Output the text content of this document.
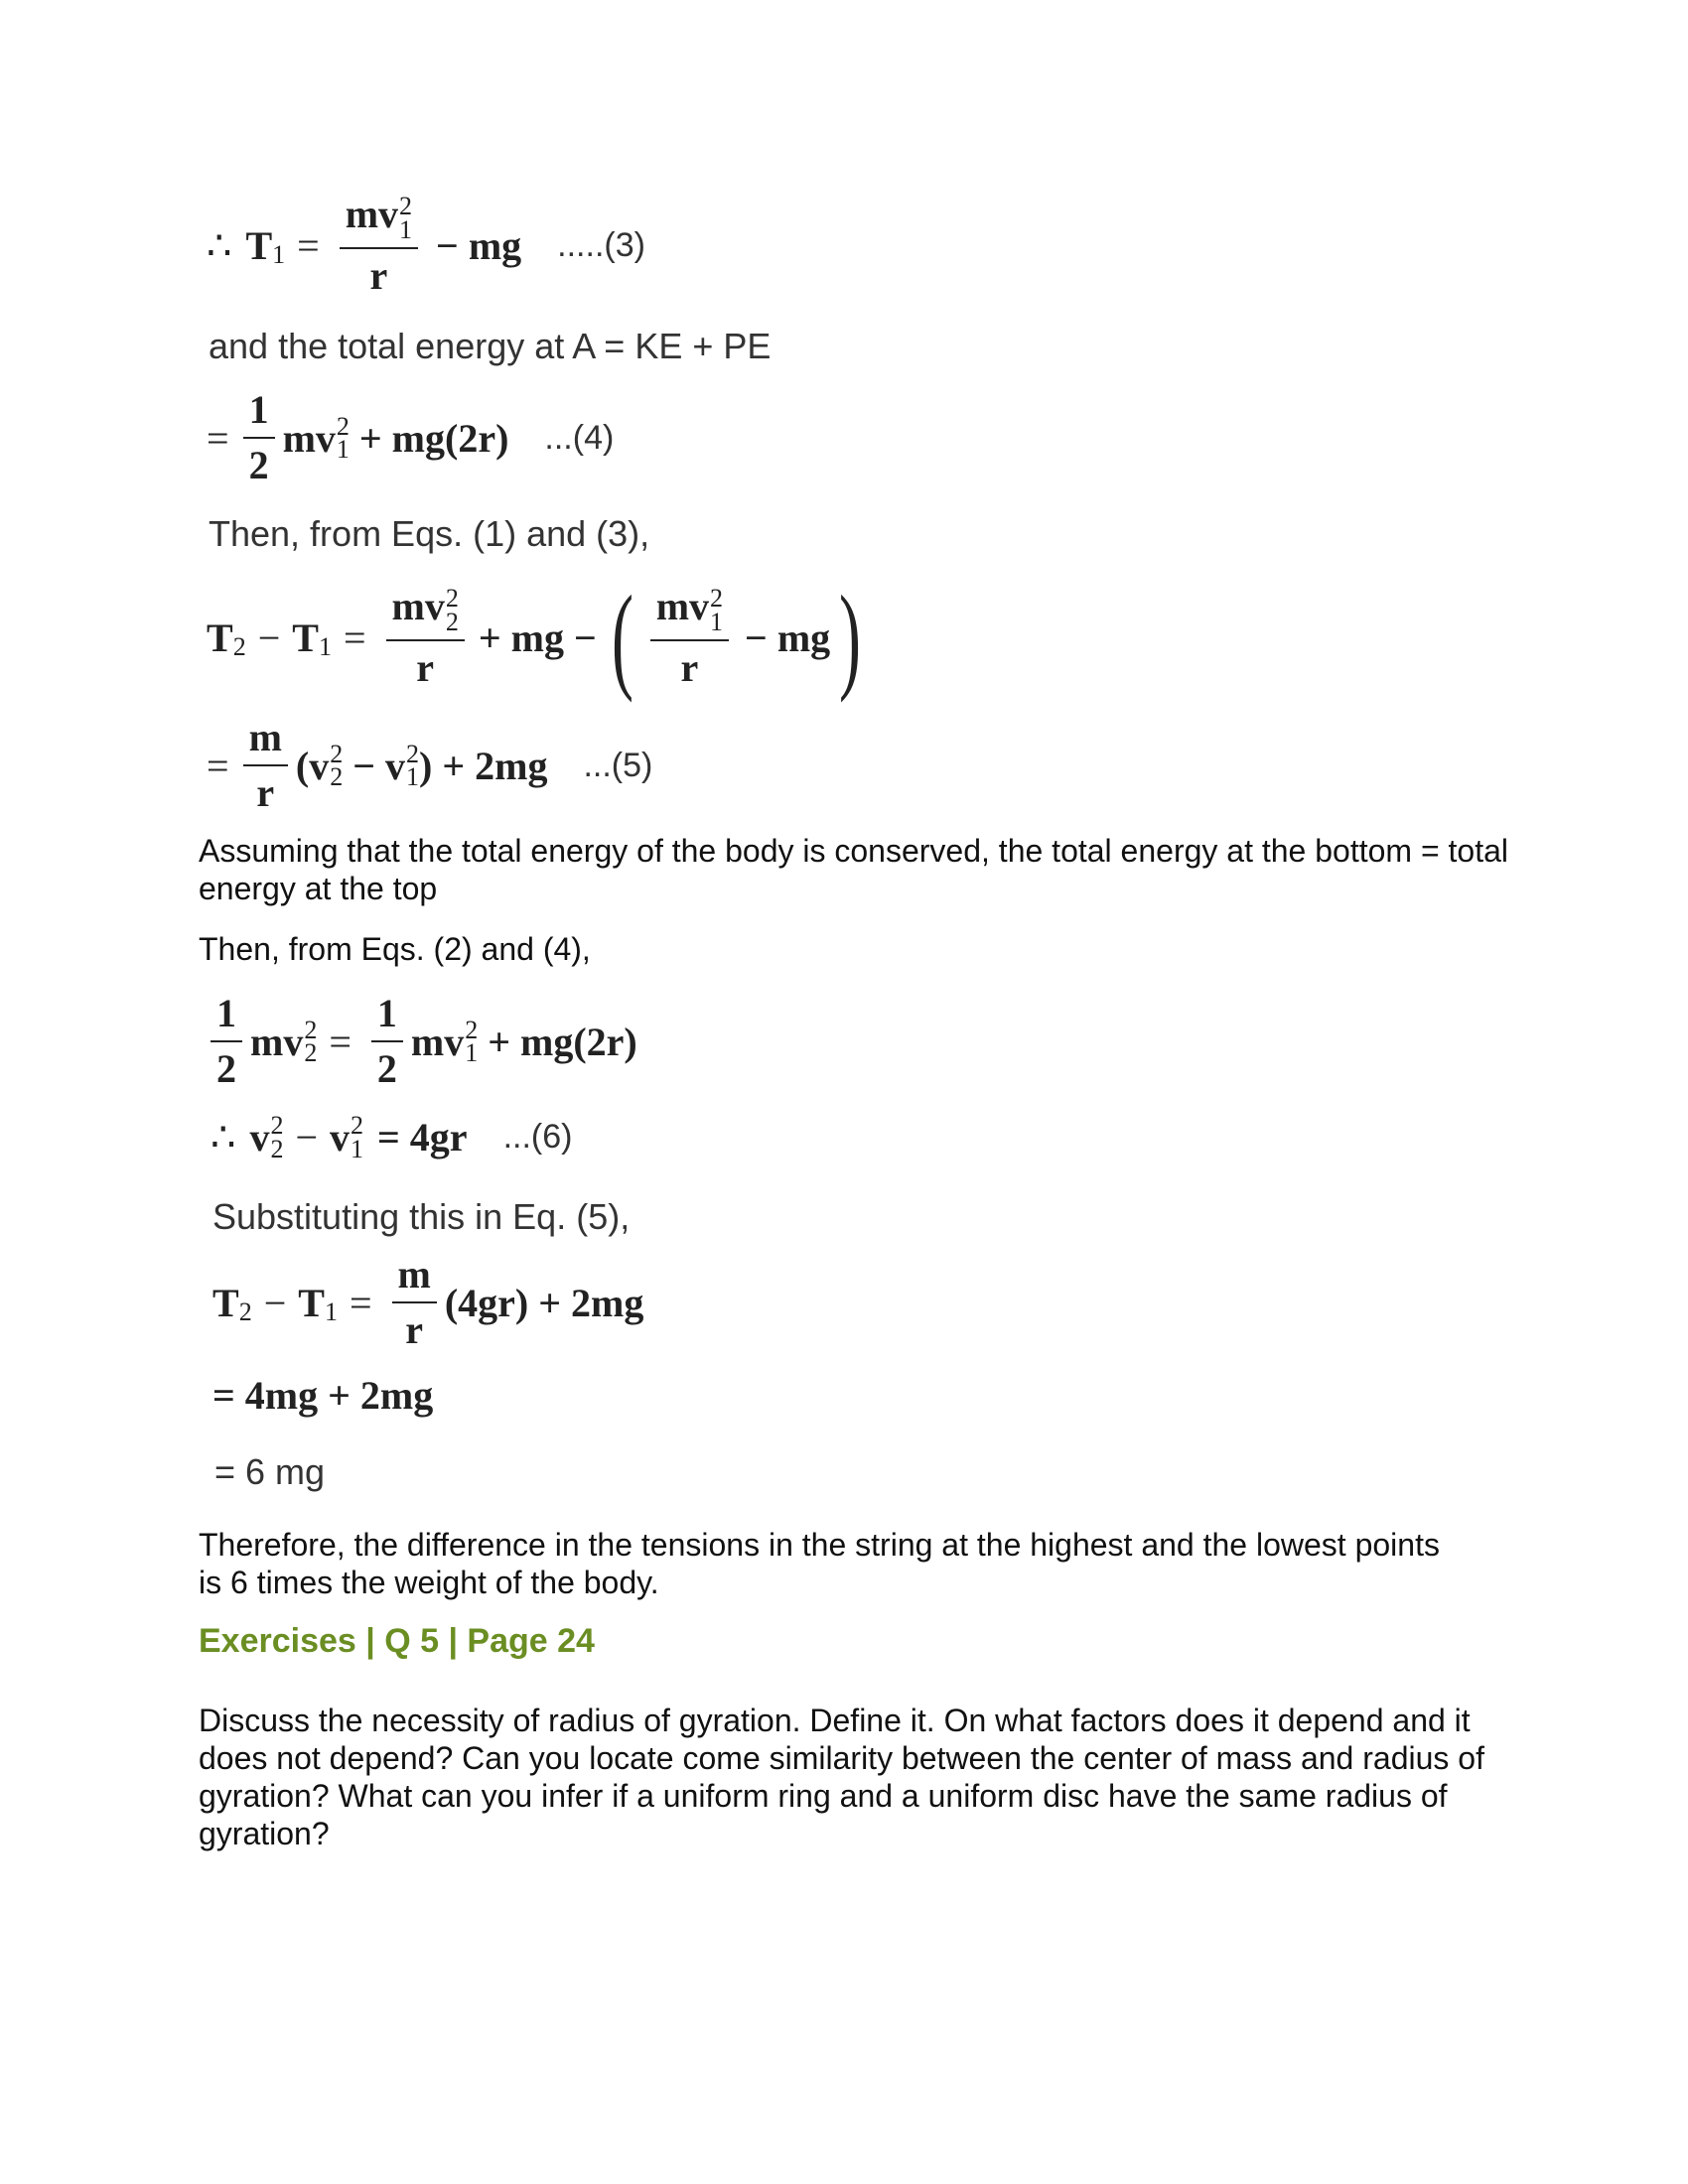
∴ T 1 = mv 2
1
r − mg .....(3)
and the total energy at A = KE + PE
= $\frac{1}{2}$ mv 2
1 + mg(2r) ...(4)
Then, from Eqs. (1) and (3),
T 2 − T 1 = mv 2
2
r + mg − ( mv 2
1
r − mg )
= $\frac{m}{r} (v$ 2
2 − v 2
1 ) + 2mg ...(5)
Assuming that the total energy of the body is conserved, the total energy at the bottom = total energy at the top
Then, from Eqs. (2) and (4),
$\frac{1}{2}$ mv 2
$2 = \frac{1}{2}$ mv 2
1 + mg(2r)
∴ v 2
2 − v 2
1 = 4gr ...(6)
Substituting this in Eq. (5),
T 2 − T $1 = \frac{m}{r} (4gr) + 2mg$
= 4mg + 2mg
= 6 mg
Therefore, the difference in the tensions in the string at the highest and the lowest points is 6 times the weight of the body.
Exercises | Q 5 | Page 24
Discuss the necessity of radius of gyration. Define it. On what factors does it depend and it does not depend? Can you locate come similarity between the center of mass and radius of gyration? What can you infer if a uniform ring and a uniform disc have the same radius of gyration?
